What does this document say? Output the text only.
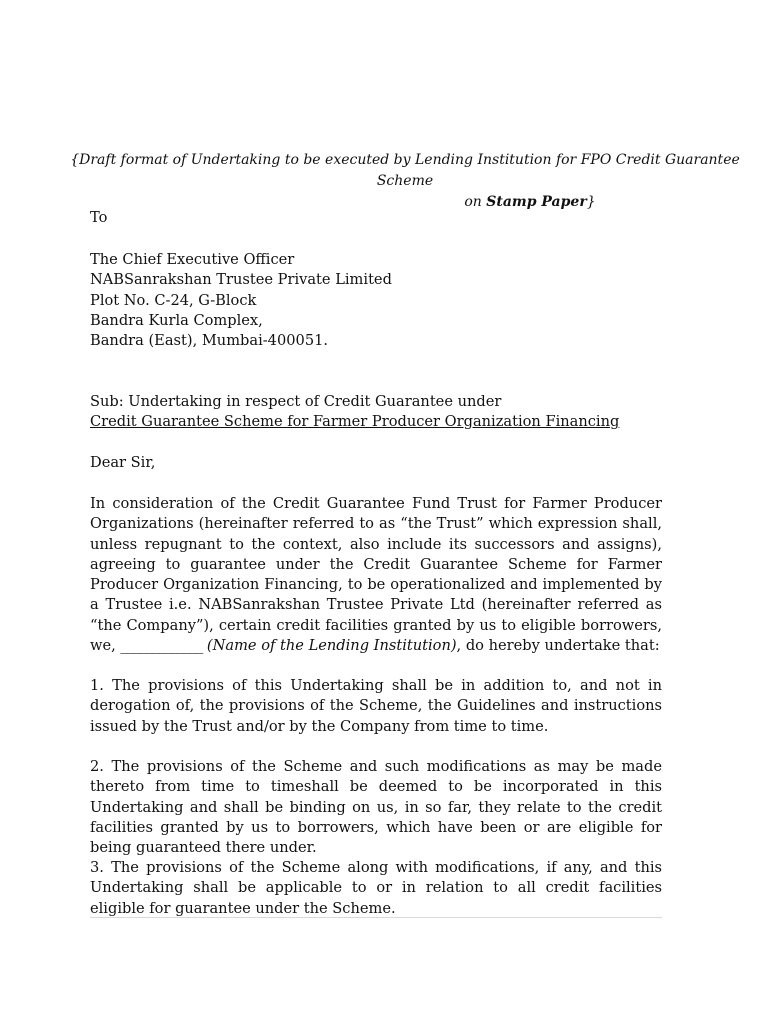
{Draft format of Undertaking to be executed by Lending Institution for FPO Credit Guarantee Scheme
on Stamp Paper}
To
The Chief Executive Officer
NABSanrakshan Trustee Private Limited
Plot No. C-24, G-Block
Bandra Kurla Complex,
Bandra (East), Mumbai-400051.
Sub: Undertaking in respect of Credit Guarantee under
Credit Guarantee Scheme for Farmer Producer Organization Financing
Dear Sir,
In consideration of the Credit Guarantee Fund Trust for Farmer Producer Organizations (hereinafter referred to as “the Trust” which expression shall, unless repugnant to the context, also include its successors and assigns), agreeing to guarantee under the Credit Guarantee Scheme for Farmer Producer Organization Financing, to be operationalized and implemented by a Trustee i.e. NABSanrakshan Trustee Private Ltd (hereinafter referred as “the Company”), certain credit facilities granted by us to eligible borrowers, we, _____________ (Name of the Lending Institution), do hereby undertake that:
1. The provisions of this Undertaking shall be in addition to, and not in derogation of, the provisions of the Scheme, the Guidelines and instructions issued by the Trust and/or by the Company from time to time.
2. The provisions of the Scheme and such modifications as may be made thereto from time to timeshall be deemed to be incorporated in this Undertaking and shall be binding on us, in so far, they relate to the credit facilities granted by us to borrowers, which have been or are eligible for being guaranteed there under.
3. The provisions of the Scheme along with modifications, if any, and this Undertaking shall be applicable to or in relation to all credit facilities eligible for guarantee under the Scheme.
